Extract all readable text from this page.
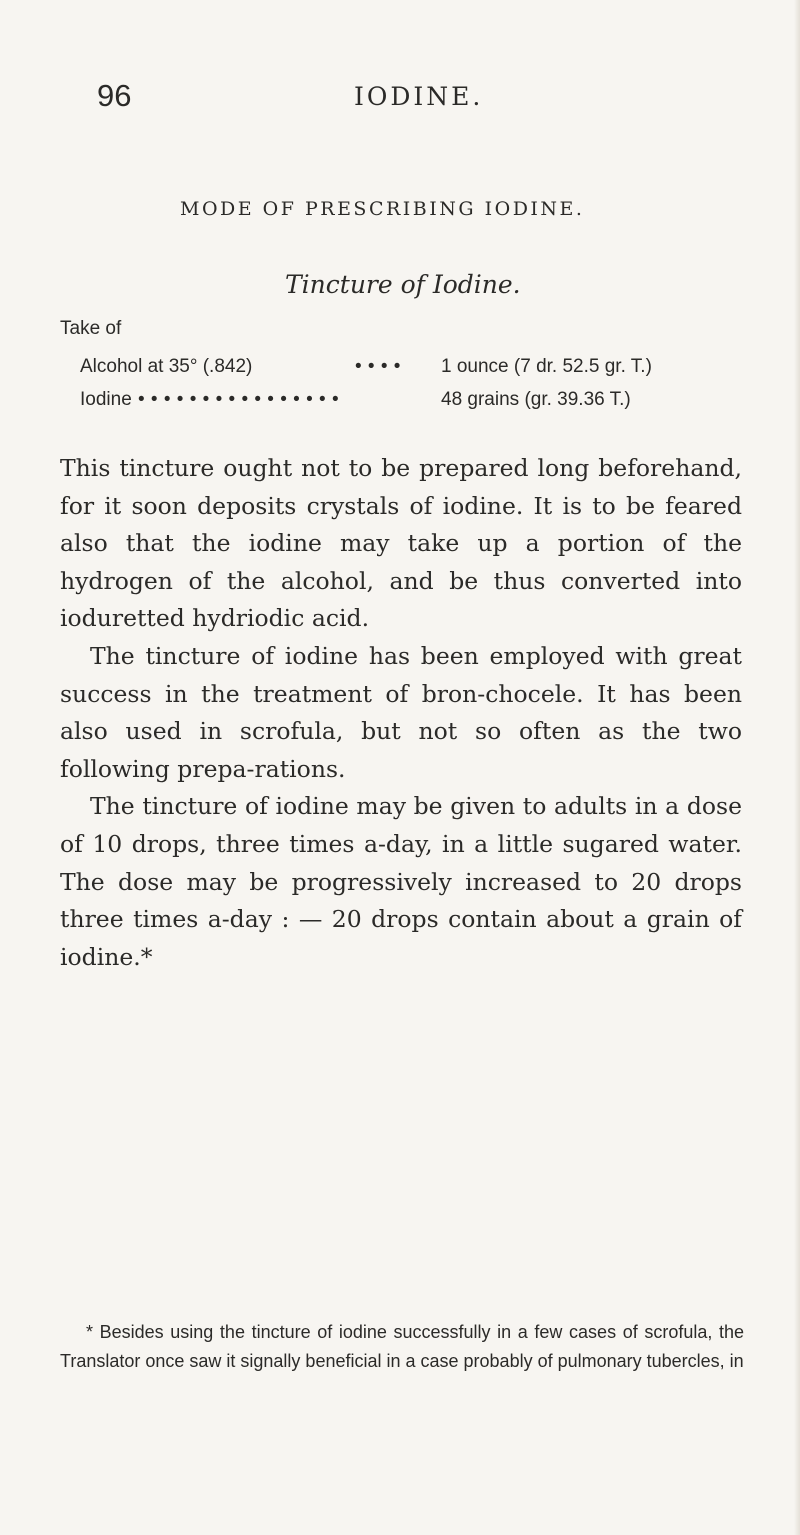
96	IODINE.
MODE OF PRESCRIBING IODINE.
Tincture of Iodine.
Take of
Alcohol at 35° (.842)	• • • • 1 ounce (7 dr. 52.5 gr. T.)
Iodine • • • • • • • • • • • • • • • •	48 grains (gr. 39.36 T.)

This tincture ought not to be prepared long beforehand, for it soon deposits crystals of iodine. It is to be feared also that the iodine may take up a portion of the hydrogen of the alcohol, and be thus converted into ioduretted hydriodic acid.

The tincture of iodine has been employed with great success in the treatment of bron-chocele. It has been also used in scrofula, but not so often as the two following prepa-rations.

The tincture of iodine may be given to adults in a dose of 10 drops, three times a-day, in a little sugared water. The dose may be progressively increased to 20 drops three times a-day : — 20 drops contain about a grain of iodine.*

* Besides using the tincture of iodine successfully in a few cases of scrofula, the Translator once saw it signally beneficial in a case probably of pulmonary tubercles, in
